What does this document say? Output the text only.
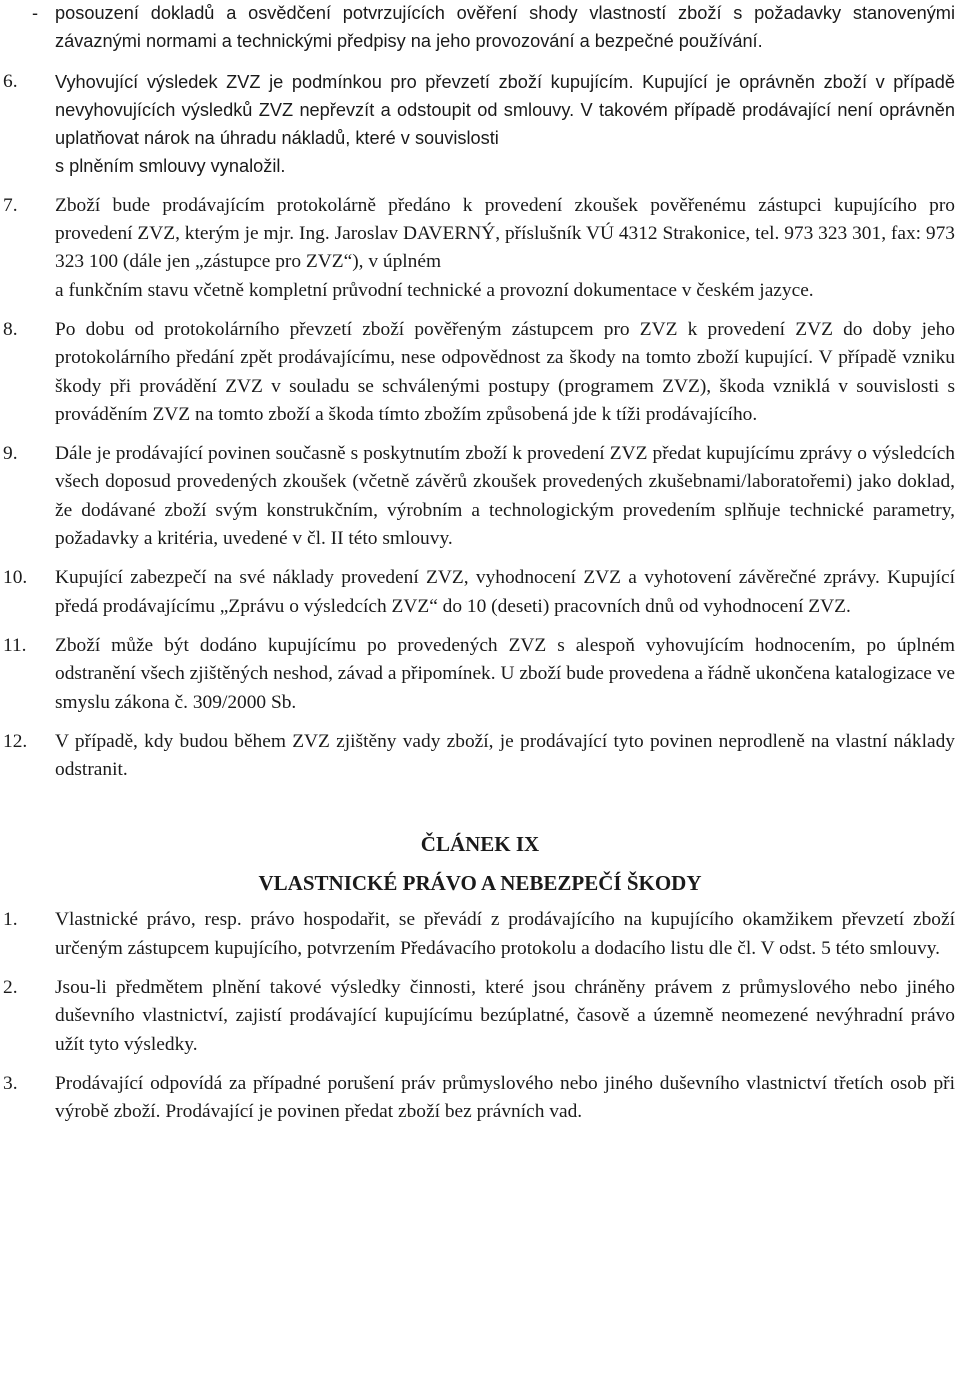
- posouzení dokladů a osvědčení potvrzujících ověření shody vlastností zboží s požadavky stanovenými závaznými normami a technickými předpisy na jeho provozování a bezpečné používání.

6. Vyhovující výsledek ZVZ je podmínkou pro převzetí zboží kupujícím. Kupující je oprávněn zboží v případě nevyhovujících výsledků ZVZ nepřevzít a odstoupit od smlouvy. V takovém případě prodávající není oprávněn uplatňovat nárok na úhradu nákladů, které v souvislosti

s plněním smlouvy vynaložil.

7. Zboží bude prodávajícím protokolárně předáno k provedení zkoušek pověřenému zástupci kupujícího pro provedení ZVZ, kterým je mjr. Ing. Jaroslav DAVERNÝ, příslušník VÚ 4312 Strakonice, tel. 973 323 301, fax: 973 323 100 (dále jen „zástupce pro ZVZ“), v úplném

a funkčním stavu včetně kompletní průvodní technické a provozní dokumentace v českém jazyce.

8. Po dobu od protokolárního převzetí zboží pověřeným zástupcem pro ZVZ k provedení ZVZ do doby jeho protokolárního předání zpět prodávajícímu, nese odpovědnost za škody na tomto zboží kupující. V případě vzniku škody při provádění ZVZ v souladu se schválenými postupy (programem ZVZ), škoda vzniklá v souvislosti s prováděním ZVZ na tomto zboží a škoda tímto zbožím způsobená jde k tíži prodávajícího.

9. Dále je prodávající povinen současně s poskytnutím zboží k provedení ZVZ předat kupujícímu zprávy o výsledcích všech doposud provedených zkoušek (včetně závěrů zkoušek provedených zkušebnami/laboratořemi) jako doklad, že dodávané zboží svým konstrukčním, výrobním a technologickým provedením splňuje technické parametry, požadavky a kritéria, uvedené v čl. II této smlouvy.

10. Kupující zabezpečí na své náklady provedení ZVZ, vyhodnocení ZVZ a vyhotovení závěrečné zprávy. Kupující předá prodávajícímu „Zprávu o výsledcích ZVZ“ do 10 (deseti) pracovních dnů od vyhodnocení ZVZ.

11. Zboží může být dodáno kupujícímu po provedených ZVZ s alespoň vyhovujícím hodnocením, po úplném odstranění všech zjištěných neshod, závad a připomínek. U zboží bude provedena a řádně ukončena katalogizace ve smyslu zákona č. 309/2000 Sb.

12. V případě, kdy budou během ZVZ zjištěny vady zboží, je prodávající tyto povinen neprodleně na vlastní náklady odstranit.

ČLÁNEK IX

VLASTNICKÉ PRÁVO A NEBEZPEČÍ ŠKODY

1. Vlastnické právo, resp. právo hospodařit, se převádí z prodávajícího na kupujícího okamžikem převzetí zboží určeným zástupcem kupujícího, potvrzením Předávacího protokolu a dodacího listu dle čl. V odst. 5 této smlouvy.

2. Jsou-li předmětem plnění takové výsledky činnosti, které jsou chráněny právem z průmyslového nebo jiného duševního vlastnictví, zajistí prodávající kupujícímu bezúplatné, časově a územně neomezené nevýhradní právo užít tyto výsledky.

3. Prodávající odpovídá za případné porušení práv průmyslového nebo jiného duševního vlastnictví třetích osob při výrobě zboží. Prodávající je povinen předat zboží bez právních vad.
